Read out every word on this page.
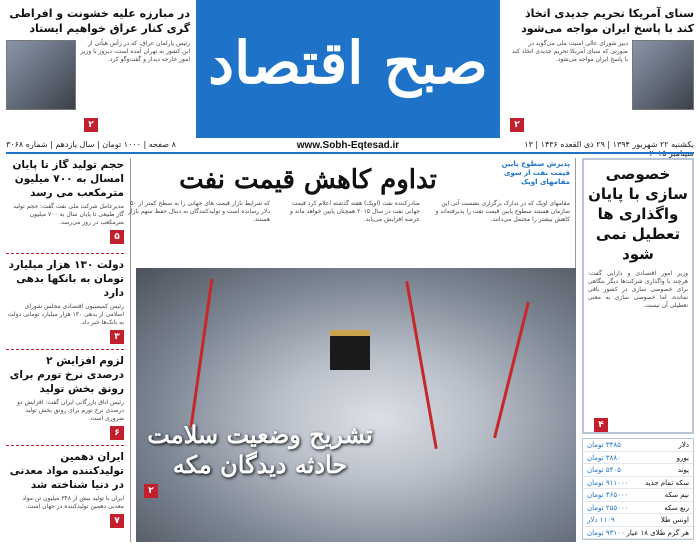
صبح اقتصاد
www.Sobh-Eqtesad.ir	یکشنبه ۲۲ شهریور ۱۳۹۴ | ۲۹ ذی القعده ۱۴۳۶ | ۱۳
۸ صفحه | ۱۰۰۰ تومان | سال یازدهم | شماره ۳۰۶۸
سنای آمریکا تحریم جدیدی اتخاذ کند با پاسخ ایران مواجه می‌شود
دبیر شورای عالی امنیت ملی می‌گوید در صورتی که سنای آمریکا تحریم جدیدی اتخاذ کند با پاسخ ایران مواجه می‌شود.
۲
در مبارزه علیه خشونت و افراطی گری کنار عراق خواهیم ایستاد
رئیس پارلمان عراق، که در رأس هیأتی از این کشور به تهران آمده است، دیروز با وزیر امور خارجه دیدار و گفت‌وگو کرد.
۲
خصوصی سازی با پایان واگذاری ها تعطیل نمی شود
وزیر امور اقتصادی و دارایی گفت: هرچند با واگذاری شرکت‌ها دیگر بنگاهی برای خصوصی سازی در کشور باقی نمانده، اما خصوصی سازی به معنی تعطیلی آن نیست.
۴
دلار
۳۴۸۵ تومان
یورو
۳۸۸۰ تومان
پوند
۵۴۰۵ تومان
سکه تمام جدید
۹۱۱۰۰۰ تومان
نیم سکه
۴۶۵۰۰۰ تومان
ربع سکه
۲۵۵۰۰۰ تومان
اونس طلا
۱۱۰۹ دلار
هر گرم طلای ۱۸ عیار
۹۳۱۰۰ تومان
حجم تولید گاز تا پایان امسال به ۷۰۰ میلیون مترمکعب می رسد
مدیرعامل شرکت ملی نفت گفت: حجم تولید گاز طبیعی تا پایان سال به ۷۰۰ میلیون مترمکعب در روز می‌رسد.
۵
دولت ۱۳۰ هزار میلیارد تومان به بانکها بدهی دارد
رئیس کمیسیون اقتصادی مجلس شورای اسلامی از بدهی ۱۳۰ هزار میلیارد تومانی دولت به بانک‌ها خبر داد.
۳
لزوم افزایش ۲ درصدی نرخ تورم برای رونق بخش تولید
رئیس اتاق بازرگانی ایران گفت: افزایش دو درصدی نرخ تورم برای رونق بخش تولید ضروری است.
۶
ایران دهمین تولیدکننده مواد معدنی در دنیا شناخته شد
ایران با تولید بیش از ۳۴۸ میلیون تن مواد معدنی دهمین تولیدکننده در جهان است.
۷
پذیرش سطوح پایین قیمت نفت از سوی مقامهای اوپک
تداوم کاهش قیمت نفت
مقامهای اوپک که در تدارک برگزاری نشست آتی این سازمان هستند سطوح پایین قیمت نفت را پذیرفته‌اند و کاهش بیشتر را محتمل می‌دانند.
صادرکننده نفت (اوپک) هفته گذشته اعلام کرد قیمت جهانی نفت در سال ۲۰۱۵ همچنان پایین خواهد ماند و عرضه افزایش می‌یابد.
که شرایط بازار قیمت های جهانی را به سطح کمتر از ۵۰ دلار رسانده است و تولیدکنندگان به دنبال حفظ سهم بازار هستند.
تشریح وضعیت سلامت حادثه دیدگان مکه
۲
